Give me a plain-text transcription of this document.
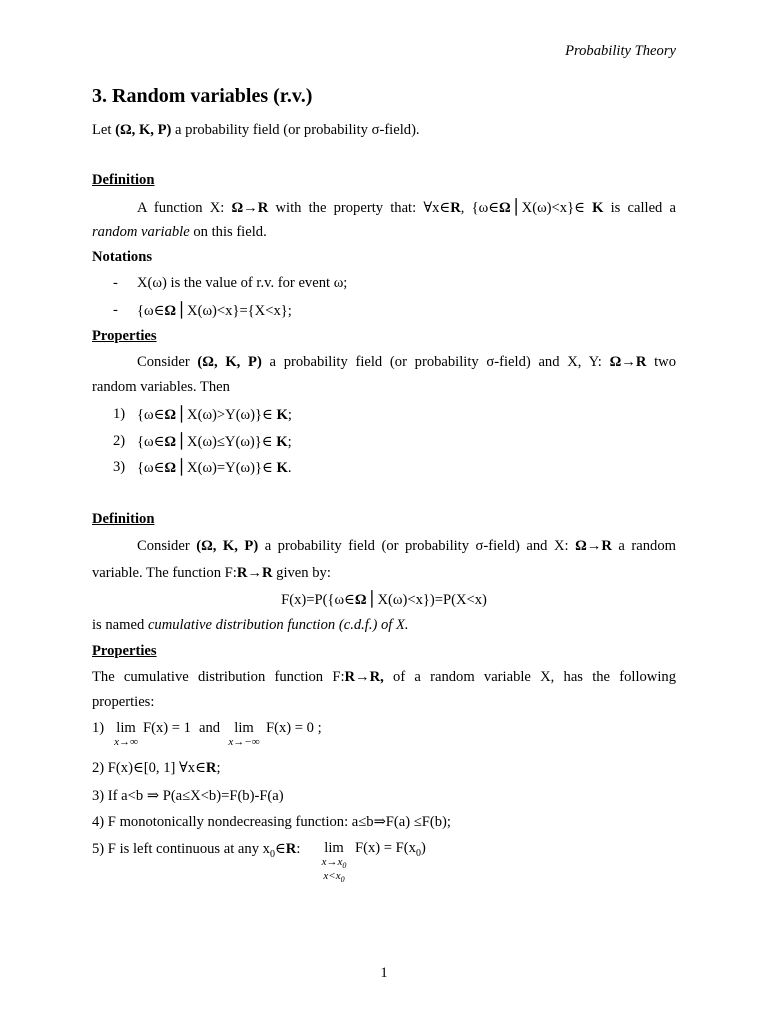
Probability Theory
3. Random variables (r.v.)
Let (Ω, K, P) a probability field (or probability σ-field).
Definition
A function X: Ω→R with the property that: ∀x∈R, {ω∈Ω⎪X(ω)<x}∈ K is called a
random variable on this field.
Notations
- X(ω) is the value of r.v. for event ω;
- {ω∈Ω⎪X(ω)<x}={X<x};
Properties
Consider (Ω, K, P) a probability field (or probability σ-field) and X, Y: Ω→R two
random variables. Then
1) {ω∈Ω⎪X(ω)>Y(ω)}∈ K;
2) {ω∈Ω⎪X(ω)≤Y(ω)}∈ K;
3) {ω∈Ω⎪X(ω)=Y(ω)}∈ K.
Definition
Consider (Ω, K, P) a probability field (or probability σ-field) and X: Ω→R a random
variable. The function F:R→R given by:
F(x)=P({ω∈Ω⎪X(ω)<x})=P(X<x)
is named cumulative distribution function (c.d.f.) of X.
Properties
The cumulative distribution function F:R→R, of a random variable X, has the following
properties:
1) lim
x→∞
F(x) = 1 and lim
x→−∞
F(x) = 0 ;
2) F(x)∈[0, 1] ∀x∈R;
3) If a<b ⇒ P(a≤X<b)=F(b)-F(a)
4) F monotonically nondecreasing function: a≤b⇒F(a) ≤F(b);
5) F is left continuous at any $x_0\in R$:	lim
$x\to x_0$
$x<x_0$
$F(x) = F(x_0)$
1
